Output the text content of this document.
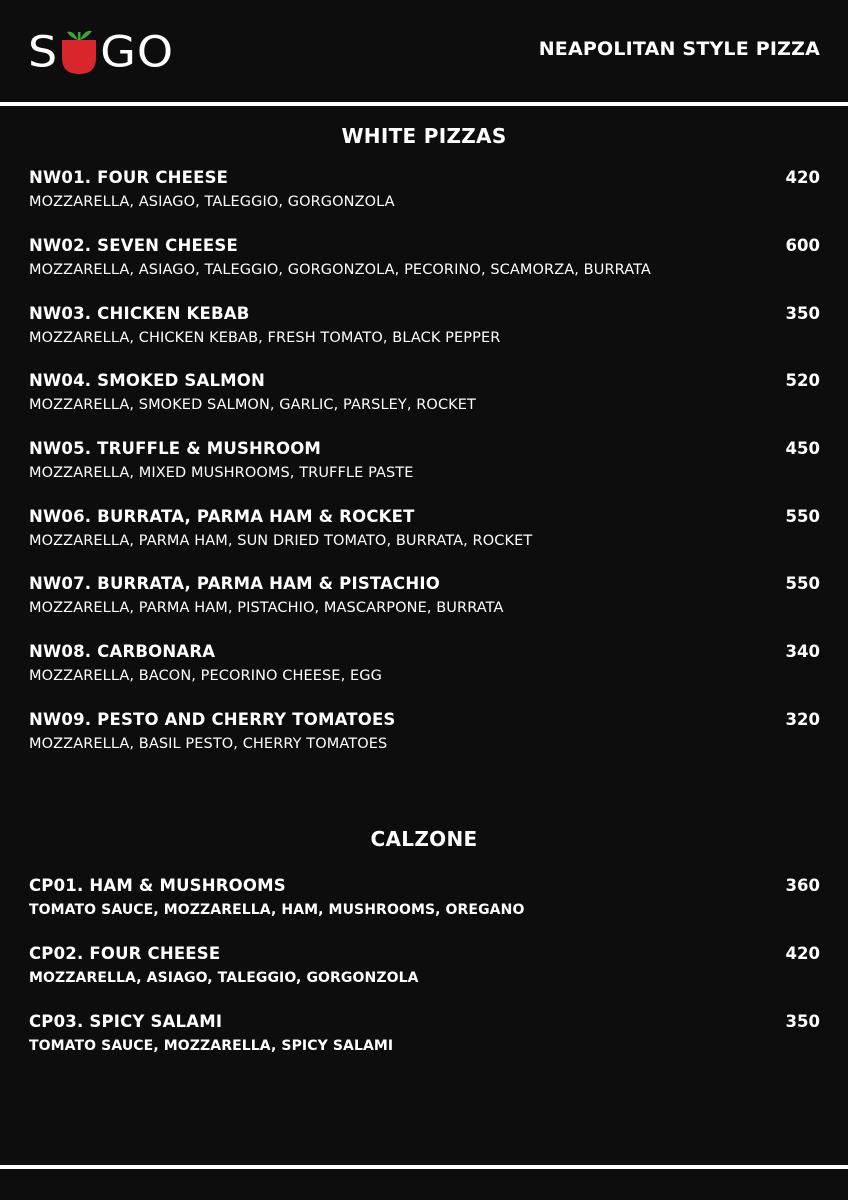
S GO	NEAPOLITAN STYLE PIZZA
WHITE PIZZAS
NW01. FOUR CHEESE	420
MOZZARELLA, ASIAGO, TALEGGIO, GORGONZOLA
NW02. SEVEN CHEESE	600
MOZZARELLA, ASIAGO, TALEGGIO, GORGONZOLA, PECORINO, SCAMORZA, BURRATA
NW03. CHICKEN KEBAB	350
MOZZARELLA, CHICKEN KEBAB, FRESH TOMATO, BLACK PEPPER
NW04. SMOKED SALMON	520
MOZZARELLA, SMOKED SALMON, GARLIC, PARSLEY, ROCKET
NW05. TRUFFLE & MUSHROOM	450
MOZZARELLA, MIXED MUSHROOMS, TRUFFLE PASTE
NW06. BURRATA, PARMA HAM & ROCKET	550
MOZZARELLA, PARMA HAM, SUN DRIED TOMATO, BURRATA, ROCKET
NW07. BURRATA, PARMA HAM & PISTACHIO	550
MOZZARELLA, PARMA HAM, PISTACHIO, MASCARPONE, BURRATA
NW08. CARBONARA	340
MOZZARELLA, BACON, PECORINO CHEESE, EGG
NW09. PESTO AND CHERRY TOMATOES	320
MOZZARELLA, BASIL PESTO, CHERRY TOMATOES
CALZONE
CP01. HAM & MUSHROOMS	360
TOMATO SAUCE, MOZZARELLA, HAM, MUSHROOMS, OREGANO
CP02. FOUR CHEESE	420
MOZZARELLA, ASIAGO, TALEGGIO, GORGONZOLA
CP03. SPICY SALAMI	350
TOMATO SAUCE, MOZZARELLA, SPICY SALAMI
